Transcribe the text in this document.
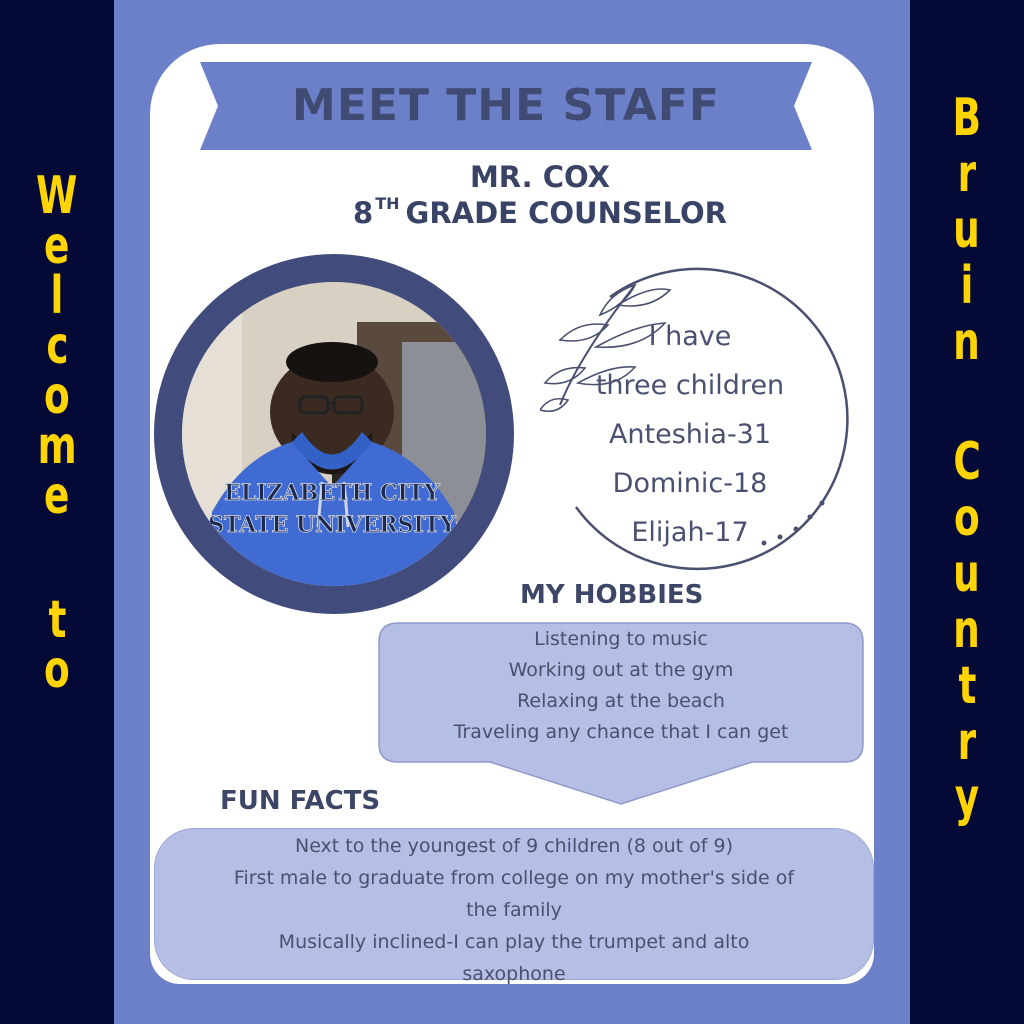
W
e
l
c
o
m
e
t
o
B
r
u
i
n
C
o
u
n
t
r
y
MEET THE STAFF
MR. COX
8 $^{TH}$ GRADE COUNSELOR
ELIZABETH CITY
STATE UNIVERSITY
I have
three children
Anteshia-31
Dominic-18
Elijah-17
MY HOBBIES
Listening to music
Working out at the gym
Relaxing at the beach
Traveling any chance that I can get
FUN FACTS
Next to the youngest of 9 children (8 out of 9)
First male to graduate from college on my mother's side of
the family
Musically inclined-I can play the trumpet and alto
saxophone
